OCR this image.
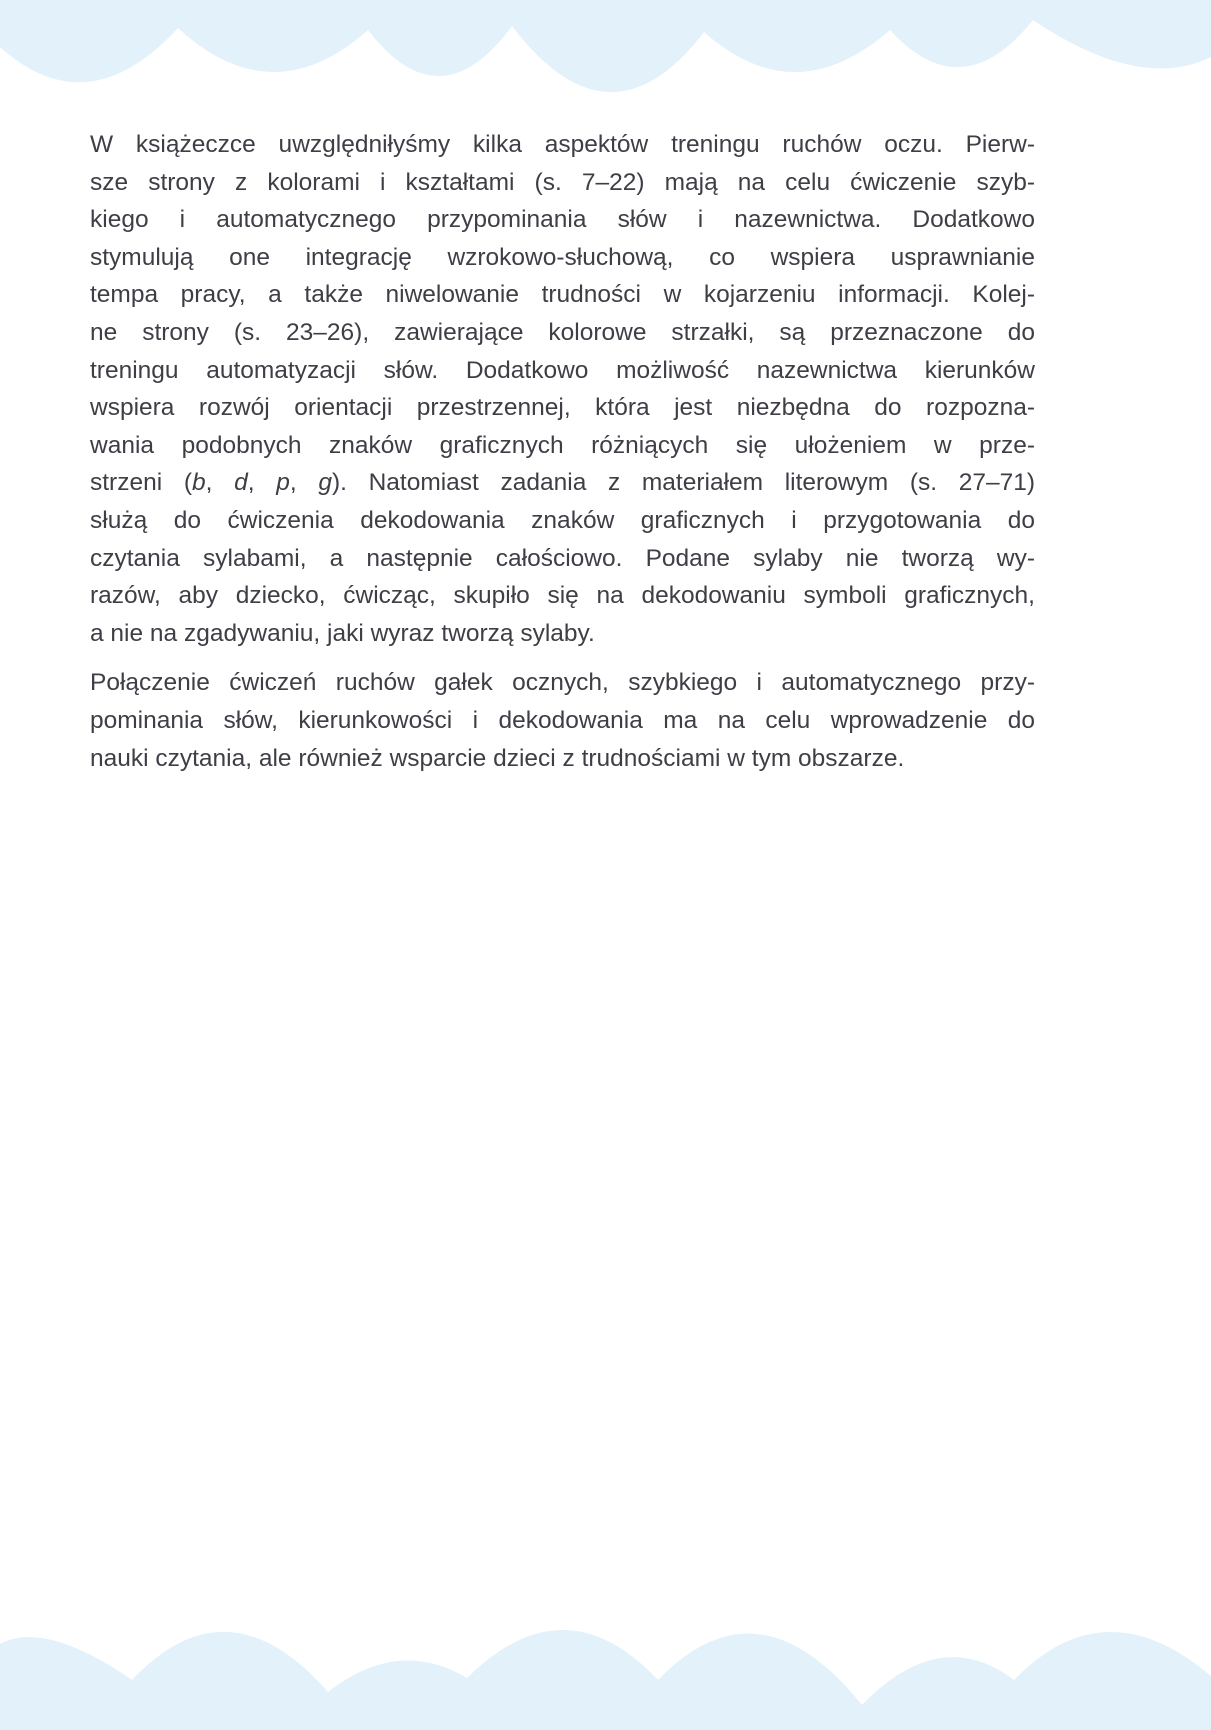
W książeczce uwzględniłyśmy kilka aspektów treningu ruchów oczu. Pierw-
sze strony z kolorami i kształtami (s. 7–22) mają na celu ćwiczenie szyb-
kiego i automatycznego przypominania słów i nazewnictwa. Dodatkowo
stymulują one integrację wzrokowo-słuchową, co wspiera usprawnianie
tempa pracy, a także niwelowanie trudności w kojarzeniu informacji. Kolej-
ne strony (s. 23–26), zawierające kolorowe strzałki, są przeznaczone do
treningu automatyzacji słów. Dodatkowo możliwość nazewnictwa kierunków
wspiera rozwój orientacji przestrzennej, która jest niezbędna do rozpozna-
wania podobnych znaków graficznych różniących się ułożeniem w prze-
strzeni (b, d, p, g). Natomiast zadania z materiałem literowym (s. 27–71)
służą do ćwiczenia dekodowania znaków graficznych i przygotowania do
czytania sylabami, a następnie całościowo. Podane sylaby nie tworzą wy-
razów, aby dziecko, ćwicząc, skupiło się na dekodowaniu symboli graficznych,
a nie na zgadywaniu, jaki wyraz tworzą sylaby.
Połączenie ćwiczeń ruchów gałek ocznych, szybkiego i automatycznego przy-
pominania słów, kierunkowości i dekodowania ma na celu wprowadzenie do
nauki czytania, ale również wsparcie dzieci z trudnościami w tym obszarze.
